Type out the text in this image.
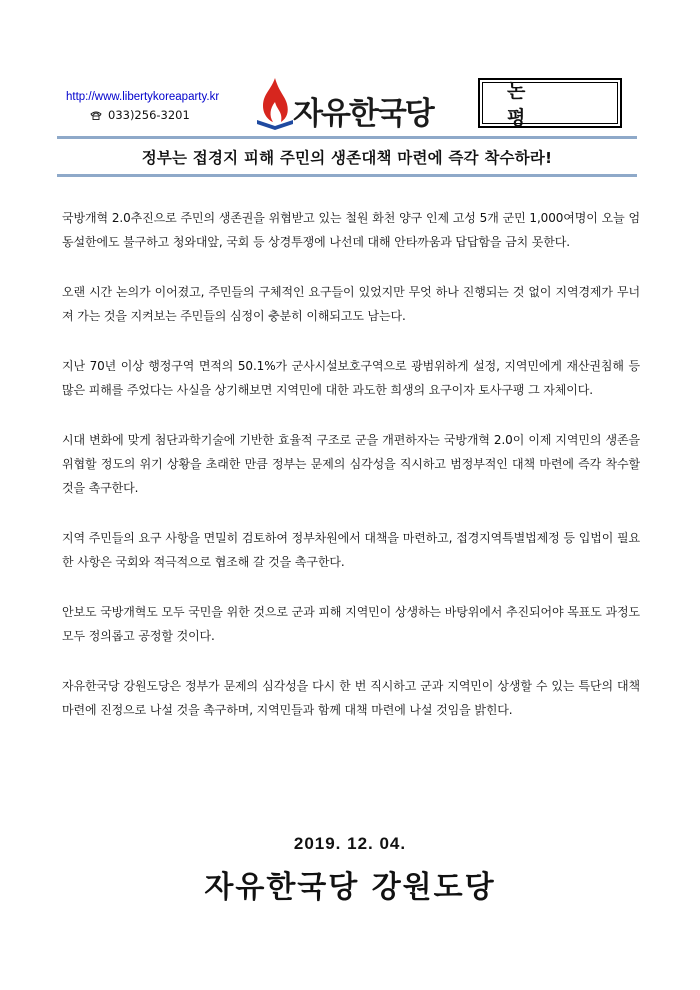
http://www.libertykoreaparty.kr
033)256-3201	자유한국당
논 평
정부는 접경지 피해 주민의 생존대책 마련에 즉각 착수하라!

국방개혁 2.0추진으로 주민의 생존권을 위협받고 있는 철원 화천 양구 인제 고성 5개 군민 1,000여명이 오늘 엄동설한에도 불구하고 청와대앞, 국회 등 상경투쟁에 나선데 대해 안타까움과 답답함을 금치 못한다.

오랜 시간 논의가 이어졌고, 주민들의 구체적인 요구들이 있었지만 무엇 하나 진행되는 것 없이 지역경제가 무너져 가는 것을 지켜보는 주민들의 심정이 충분히 이해되고도 남는다.

지난 70년 이상 행정구역 면적의 50.1%가 군사시설보호구역으로 광범위하게 설정, 지역민에게 재산권침해 등 많은 피해를 주었다는 사실을 상기해보면 지역민에 대한 과도한 희생의 요구이자 토사구팽 그 자체이다.

시대 변화에 맞게 첨단과학기술에 기반한 효율적 구조로 군을 개편하자는 국방개혁 2.0이 이제 지역민의 생존을 위협할 정도의 위기 상황을 초래한 만큼 정부는 문제의 심각성을 직시하고 범정부적인 대책 마련에 즉각 착수할 것을 촉구한다.

지역 주민들의 요구 사항을 면밀히 검토하여 정부차원에서 대책을 마련하고, 접경지역특별법제정 등 입법이 필요한 사항은 국회와 적극적으로 협조해 갈 것을 촉구한다.

안보도 국방개혁도 모두 국민을 위한 것으로 군과 피해 지역민이 상생하는 바탕위에서 추진되어야 목표도 과정도 모두 정의롭고 공정할 것이다.

자유한국당 강원도당은 정부가 문제의 심각성을 다시 한 번 직시하고 군과 지역민이 상생할 수 있는 특단의 대책 마련에 진정으로 나설 것을 촉구하며, 지역민들과 함께 대책 마련에 나설 것임을 밝힌다.

2019. 12. 04.
자유한국당 강원도당
